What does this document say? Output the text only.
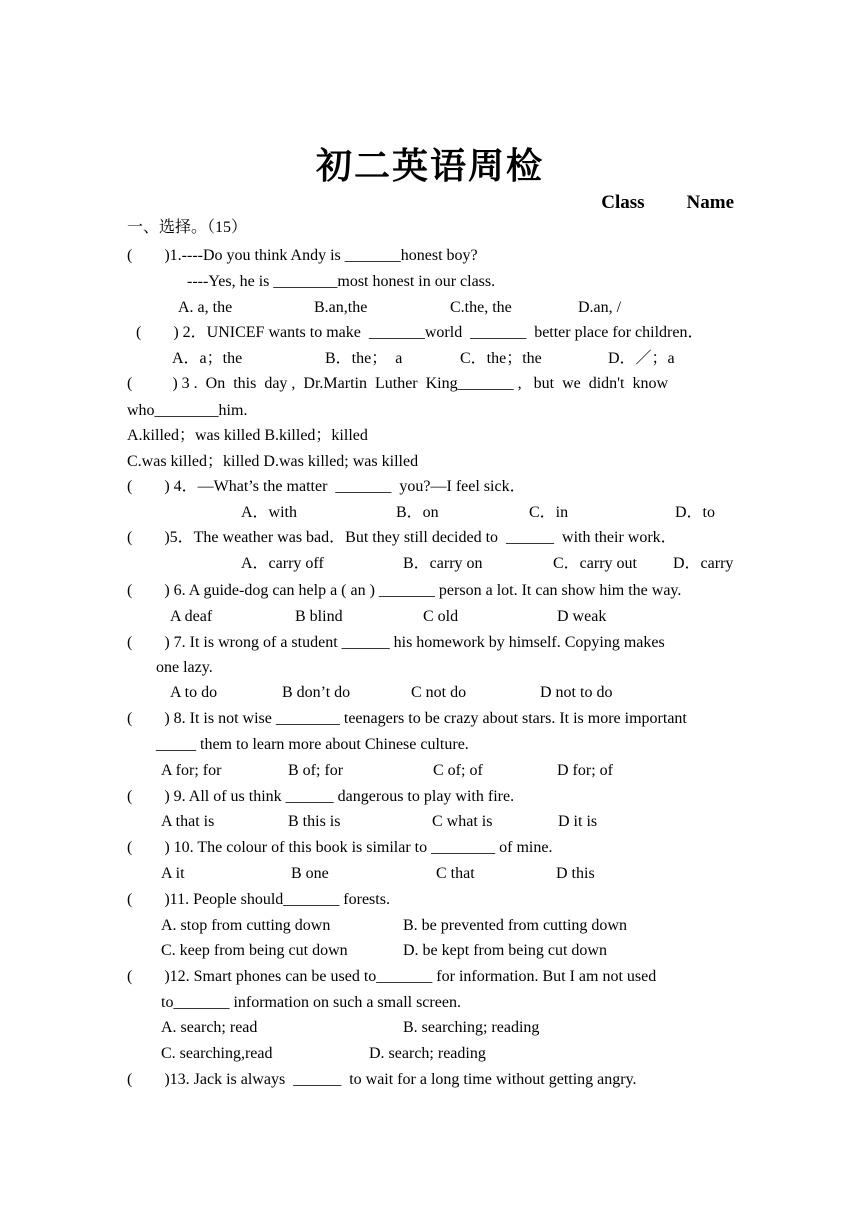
初二英语周检
Class Name
一、选择。（15）
(        )1.----Do you think Andy is _______honest boy?
----Yes, he is ________most honest in our class.
A. a, the	B.an,the	C.the, the	D.an, /
(        ) 2．UNICEF wants to make  _______world  _______  better place for children．
A．a；the	B．the；  a	C．the；the	D．／；a
(          ) 3 .  On  this  day ,  Dr.Martin  Luther  King_______ ,   but  we  didn't  know
who________him.
A.killed；was killed B.killed；killed
C.was killed；killed D.was killed; was killed
(        ) 4．—What’s the matter  _______  you?—I feel sick．
A．with	B．on	C．in	D．to
(        )5．The weather was bad．But they still decided to  ______  with their work．
A．carry off	B．carry on	C．carry out D．carry
(        ) 6. A guide-dog can help a ( an ) _______ person a lot. It can show him the way.
A deaf	B blind	C old	D weak
(        ) 7. It is wrong of a student ______ his homework by himself. Copying makes
one lazy.
A to do	B don’t do	C not do	D not to do
(        ) 8. It is not wise ________ teenagers to be crazy about stars. It is more important
_____ them to learn more about Chinese culture.
A for; for	B of; for	C of; of	D for; of
(        ) 9. All of us think ______ dangerous to play with fire.
A that is	B this is	C what is	D it is
(        ) 10. The colour of this book is similar to ________ of mine.
A it	B one	C that	D this
(        )11. People should_______ forests.
A. stop from cutting down	B. be prevented from cutting down
C. keep from being cut down	D. be kept from being cut down
(        )12. Smart phones can be used to_______ for information. But I am not used
to_______ information on such a small screen.
A. search; read	B. searching; reading
C. searching,read	D. search; reading
(        )13. Jack is always  ______  to wait for a long time without getting angry.
